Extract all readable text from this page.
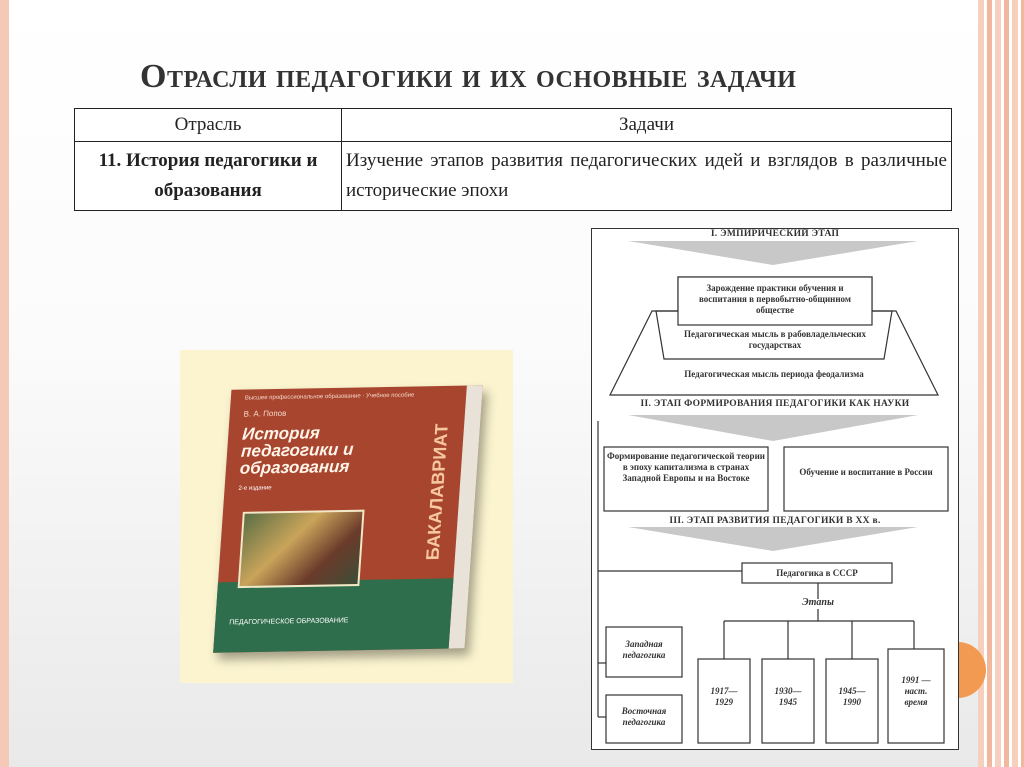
Отрасли педагогики и их основные задачи
Отрасль	Задачи
11. История педагогики и образования	Изучение этапов развития педагогических идей и взглядов в различные исторические эпохи
Высшее профессиональное образование · Учебное пособие
В. А. Попов
История педагогики и образования
2-е издание	БАКАЛАВРИАТ
ПЕДАГОГИЧЕСКОЕ ОБРАЗОВАНИЕ
I. ЭМПИРИЧЕСКИЙ ЭТАП
Зарождение практики обучения и воспитания в первобытно-общинном обществе
Педагогическая мысль в рабовладельческих государствах
Педагогическая мысль периода феодализма
II. ЭТАП ФОРМИРОВАНИЯ ПЕДАГОГИКИ КАК НАУКИ
Формирование педагогической теории в эпоху капитализма в странах Западной Европы и на Востоке
Обучение и воспитание в России
III. ЭТАП РАЗВИТИЯ ПЕДАГОГИКИ В XX в.
Педагогика в СССР
Этапы
Западная педагогика
Восточная педагогика
1917—1929
1930—1945
1945—1990
1991 — наст. время
